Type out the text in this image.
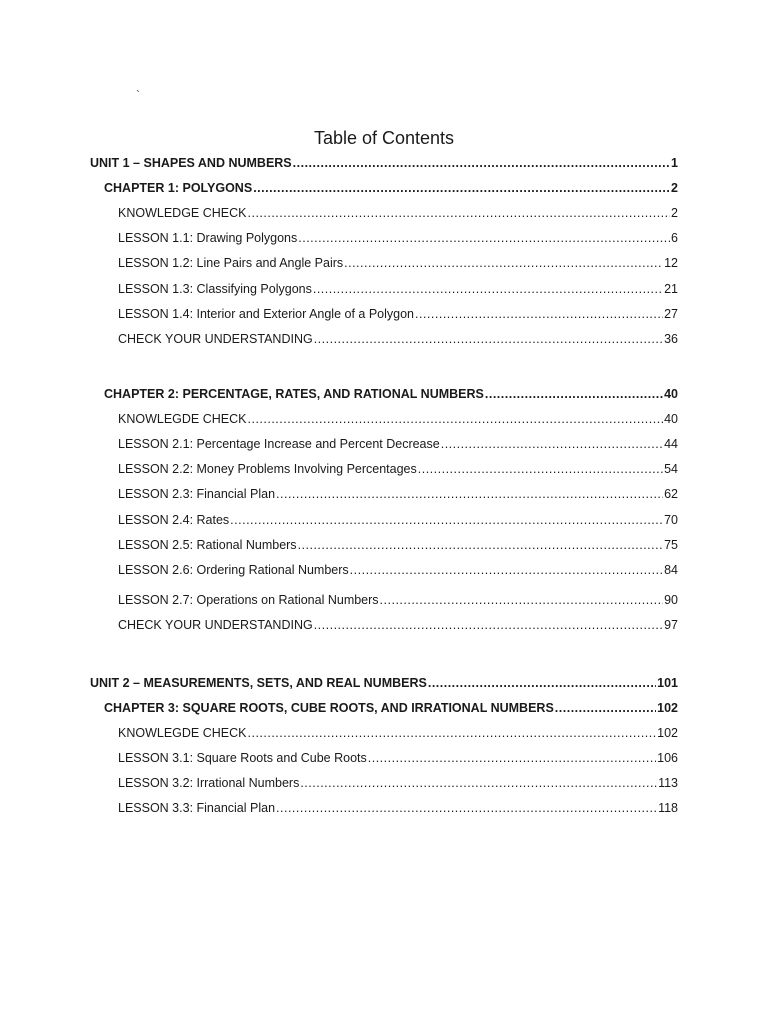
`
Table of Contents
UNIT 1 – SHAPES AND NUMBERS .....	1
CHAPTER 1: POLYGONS .....	2
KNOWLEDGE CHECK .....	2
LESSON 1.1: Drawing Polygons .....	6
LESSON 1.2: Line Pairs and Angle Pairs .....	12
LESSON 1.3: Classifying Polygons .....	21
LESSON 1.4: Interior and Exterior Angle of a Polygon .....	27
CHECK YOUR UNDERSTANDING .....	36
CHAPTER 2: PERCENTAGE, RATES, AND RATIONAL NUMBERS .....	40
KNOWLEGDE CHECK .....	40
LESSON 2.1: Percentage Increase and Percent Decrease .....	44
LESSON 2.2: Money Problems Involving Percentages .....	54
LESSON 2.3: Financial Plan .....	62
LESSON 2.4: Rates .....	70
LESSON 2.5: Rational Numbers .....	75
LESSON 2.6: Ordering Rational Numbers .....	84
LESSON 2.7: Operations on Rational Numbers .....	90
CHECK YOUR UNDERSTANDING .....	97
UNIT 2 – MEASUREMENTS, SETS, AND REAL NUMBERS .....	101
CHAPTER 3: SQUARE ROOTS, CUBE ROOTS, AND IRRATIONAL NUMBERS .....	102
KNOWLEGDE CHECK .....	102
LESSON 3.1: Square Roots and Cube Roots .....	106
LESSON 3.2: Irrational Numbers .....	113
LESSON 3.3: Financial Plan .....	118
